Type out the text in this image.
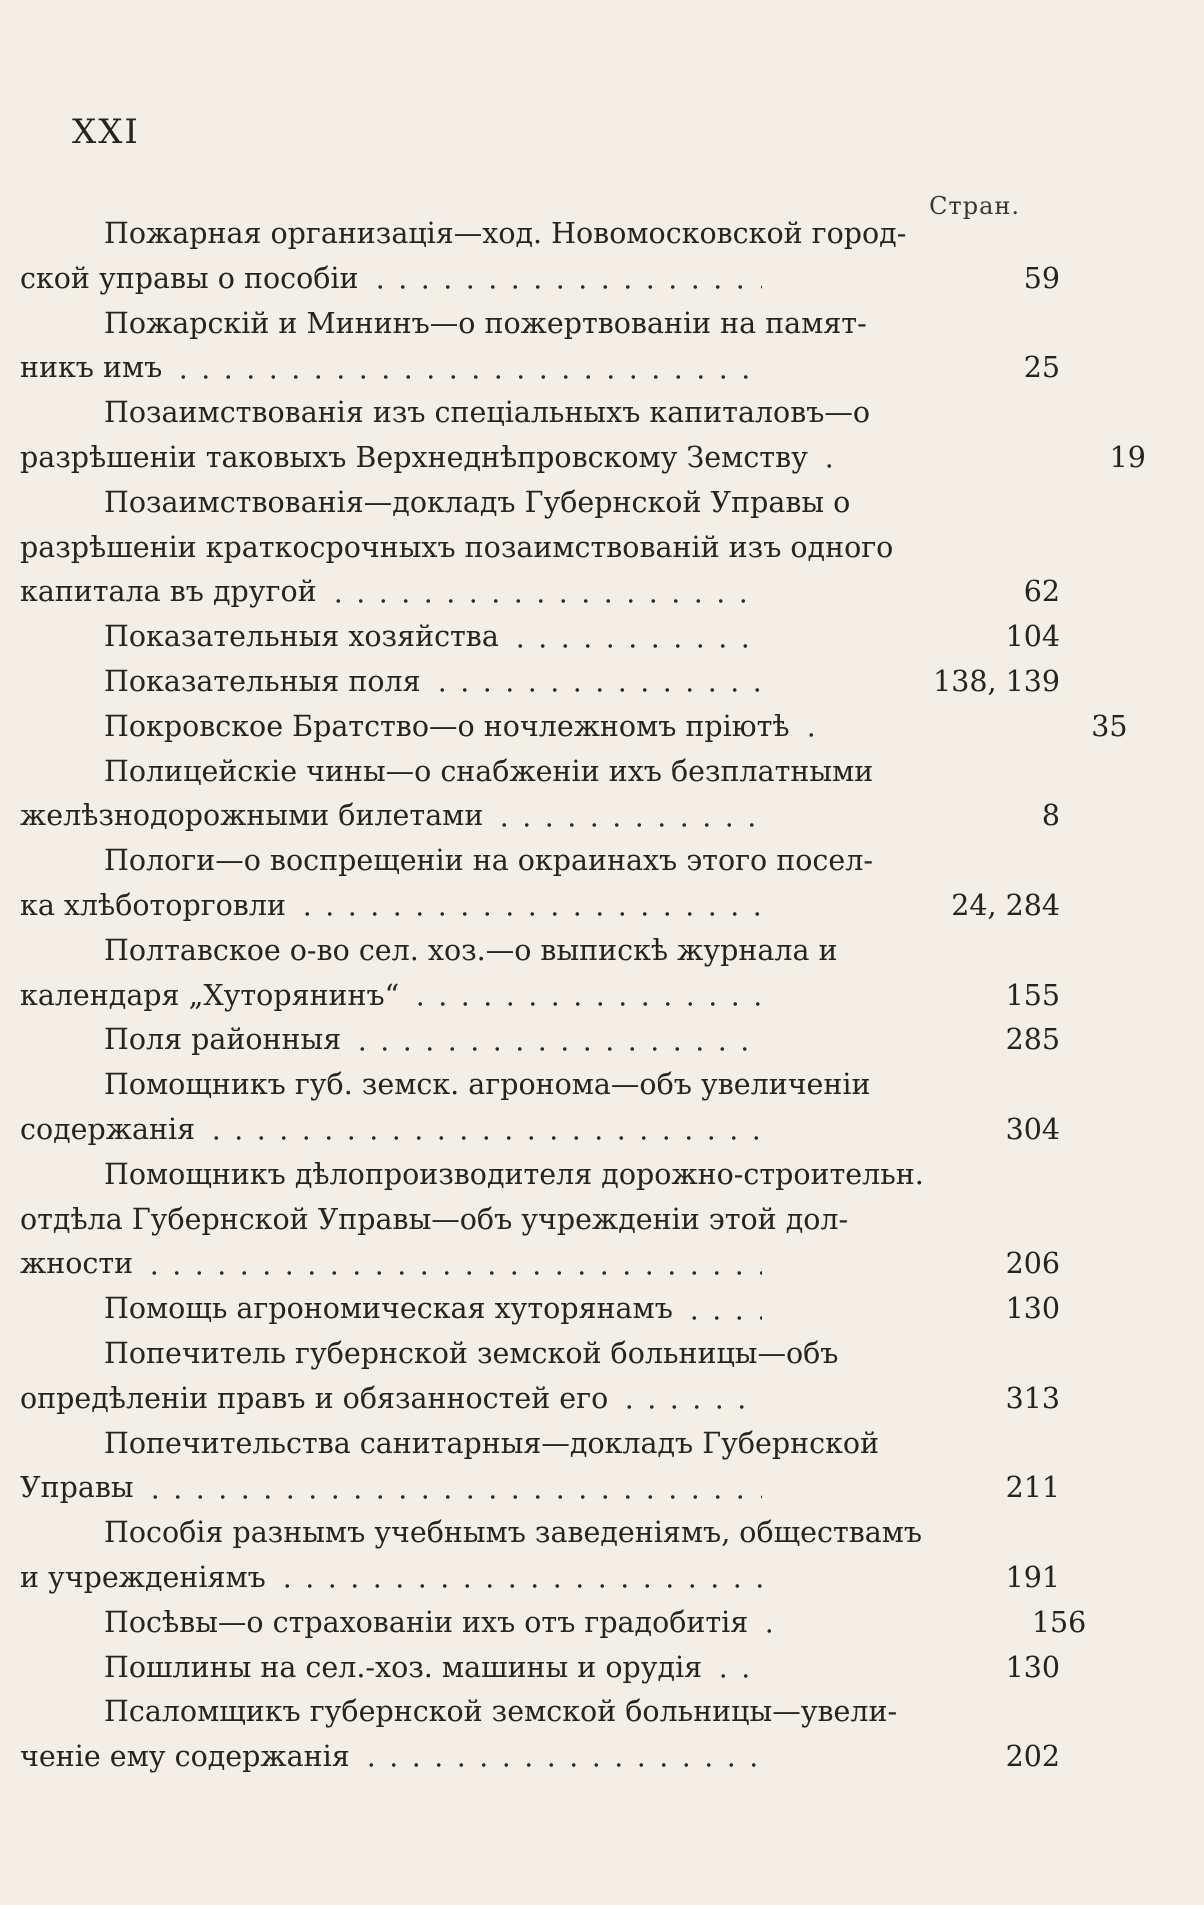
XXI
Стран.
Пожарная организація—ход. Новомосковской город-
ской управы о пособіи	59
Пожарскій и Мининъ—о пожертвованіи на памят-
никъ имъ	25
Позаимствованія изъ спеціальныхъ капиталовъ—о
разрѣшеніи таковыхъ Верхнеднѣпровскому Земству	19
Позаимствованія—докладъ Губернской Управы о
разрѣшеніи краткосрочныхъ позаимствованій изъ одного
капитала въ другой	62
Показательныя хозяйства	104
Показательныя поля	138, 139
Покровское Братство—о ночлежномъ пріютѣ	35
Полицейскіе чины—о снабженіи ихъ безплатными
желѣзнодорожными билетами	8
Пологи—о воспрещеніи на окраинахъ этого посел-
ка хлѣботорговли	24, 284
Полтавское о-во сел. хоз.—о выпискѣ журнала и
календаря „Хуторянинъ“	155
Поля районныя	285
Помощникъ губ. земск. агронома—объ увеличеніи
содержанія	304
Помощникъ дѣлопроизводителя дорожно-строительн.
отдѣла Губернской Управы—объ учрежденіи этой дол-
жности	206
Помощь агрономическая хуторянамъ	130
Попечитель губернской земской больницы—объ
опредѣленіи правъ и обязанностей его	313
Попечительства санитарныя—докладъ Губернской
Управы	211
Пособія разнымъ учебнымъ заведеніямъ, обществамъ
и учрежденіямъ	191
Посѣвы—о страхованіи ихъ отъ градобитія	156
Пошлины на сел.-хоз. машины и орудія	130
Псаломщикъ губернской земской больницы—увели-
ченіе ему содержанія	202
